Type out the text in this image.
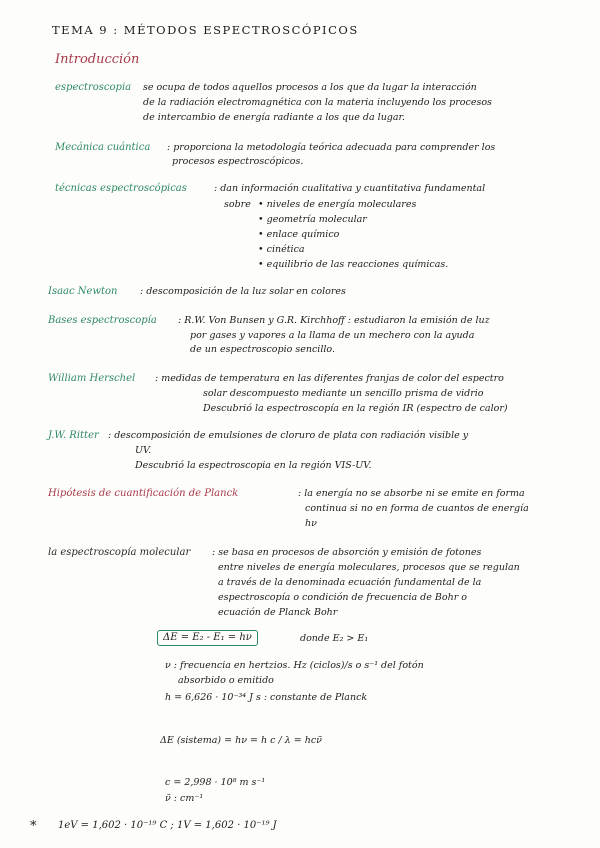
TEMA 9 : MÉTODOS ESPECTROSCÓPICOS
Introducción
espectroscopia se ocupa de todos aquellos procesos a los que da lugar la interacción
de la radiación electromagnética con la materia incluyendo los procesos
de intercambio de energía radiante a los que da lugar.
Mecánica cuántica : proporciona la metodología teórica adecuada para comprender los
procesos espectroscópicos.
técnicas espectroscópicas	: dan información cualitativa y cuantitativa fundamental
sobre • niveles de energía moleculares
• geometría molecular
• enlace químico
• cinética
• equilibrio de las reacciones químicas.
Isaac Newton : descomposición de la luz solar en colores
Bases espectroscopía : R.W. Von Bunsen y G.R. Kirchhoff : estudiaron la emisión de luz
por gases y vapores a la llama de un mechero con la ayuda
de un espectroscopio sencillo.
William Herschel : medidas de temperatura en las diferentes franjas de color del espectro
solar descompuesto mediante un sencillo prisma de vidrio
Descubrió la espectroscopía en la región IR (espectro de calor)
J.W. Ritter : descomposición de emulsiones de cloruro de plata con radiación visible y
UV.
Descubrió la espectroscopia en la región VIS-UV.
Hipótesis de cuantificación de Planck	: la energía no se absorbe ni se emite en forma
continua si no en forma de cuantos de energía
hν
la espectroscopía molecular : se basa en procesos de absorción y emisión de fotones
entre niveles de energía moleculares, procesos que se regulan
a través de la denominada ecuación fundamental de la
espectroscopía o condición de frecuencia de Bohr o
ecuación de Planck Bohr
ΔE = E₂ - E₁ = hν	donde E₂ > E₁
ν : frecuencia en hertzios. Hz (ciclos)/s o s⁻¹ del fotón
absorbido o emitido
h = 6,626 · 10⁻³⁴ J s : constante de Planck
ΔE (sistema) = hν = h c / λ = hcν̃
c = 2,998 · 10⁸ m s⁻¹
ν̃ : cm⁻¹
* 1eV = 1,602 · 10⁻¹⁹ C ; 1V = 1,602 · 10⁻¹⁹ J
